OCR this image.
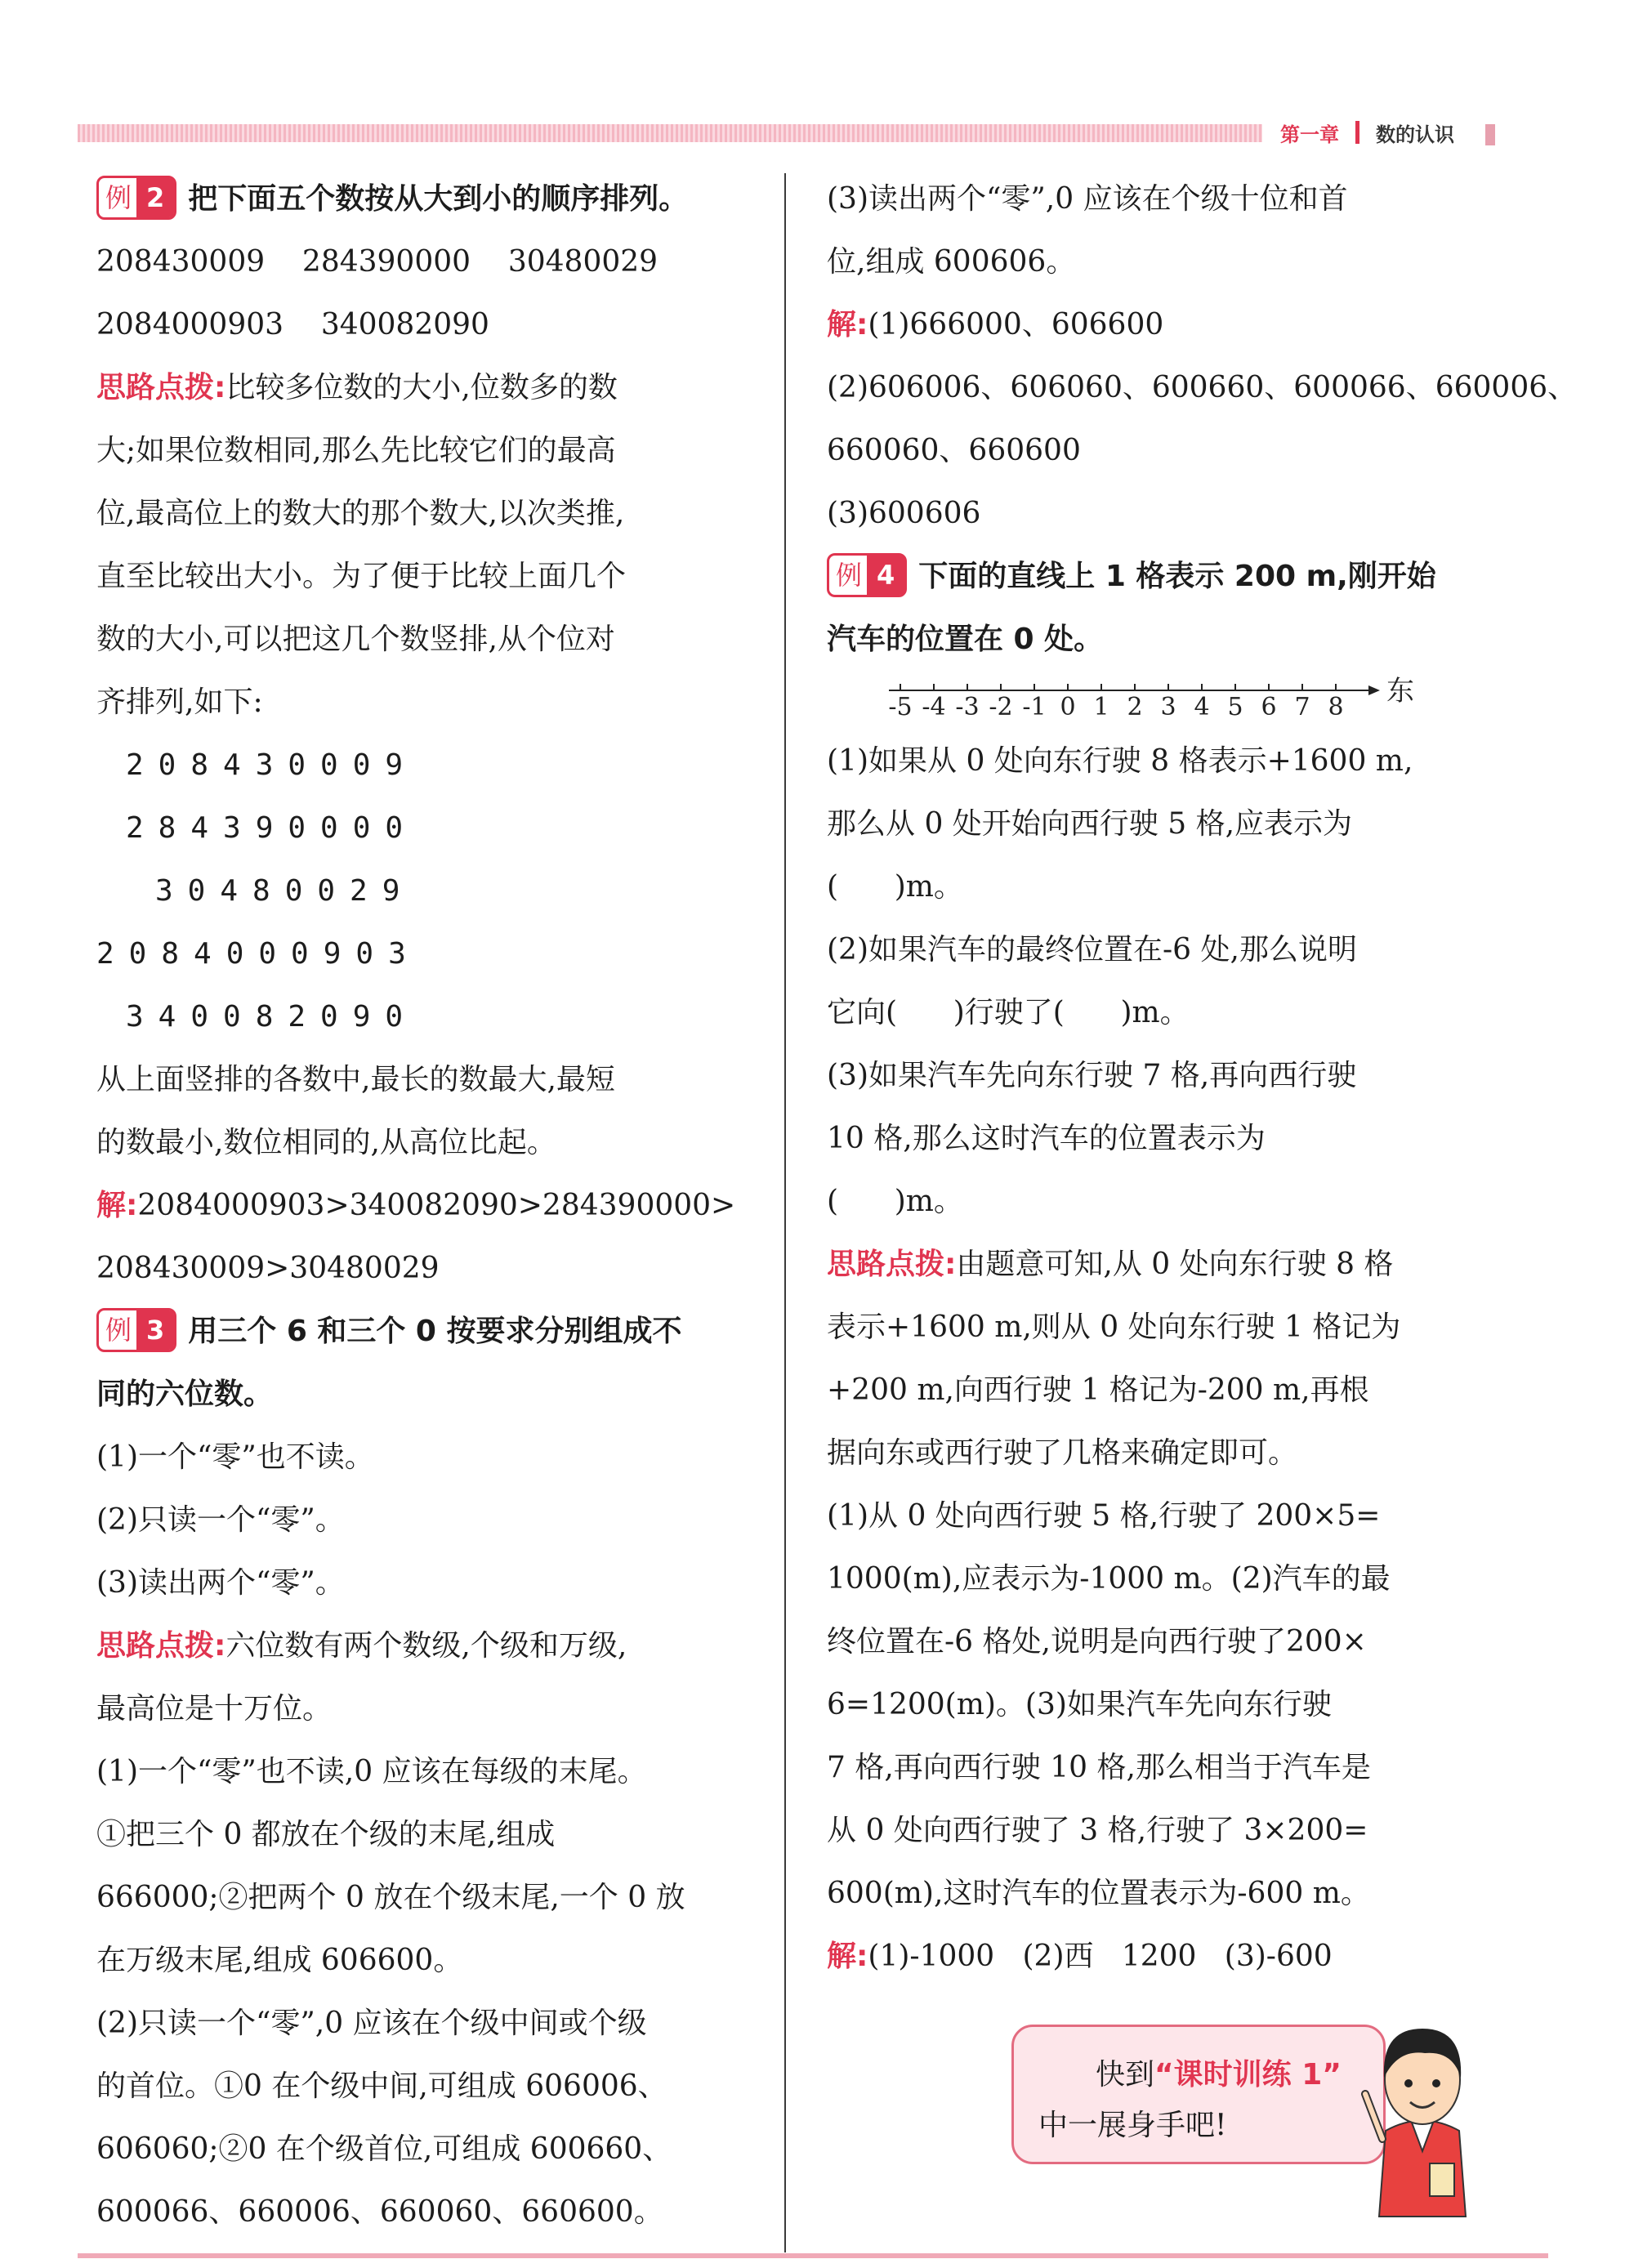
第一章 数的认识
例 2 把下面五个数按从大到小的顺序排列。
208430009    284390000    30480029
2084000903    340082090
思路点拨:比较多位数的大小,位数多的数
大;如果位数相同,那么先比较它们的最高
位,最高位上的数大的那个数大,以次类推,
直至比较出大小。为了便于比较上面几个
数的大小,可以把这几个数竖排,从个位对
齐排列,如下:
208430009
284390000
30480029
2084000903
340082090
从上面竖排的各数中,最长的数最大,最短
的数最小,数位相同的,从高位比起。
解:2084000903>340082090>284390000>
208430009>30480029
例 3 用三个 6 和三个 0 按要求分别组成不
同的六位数。
(1)一个“零”也不读。
(2)只读一个“零”。
(3)读出两个“零”。
思路点拨:六位数有两个数级,个级和万级,
最高位是十万位。
(1)一个“零”也不读,0 应该在每级的末尾。
①把三个 0 都放在个级的末尾,组成
666000;②把两个 0 放在个级末尾,一个 0 放
在万级末尾,组成 606600。
(2)只读一个“零”,0 应该在个级中间或个级
的首位。①0 在个级中间,可组成 606006、
606060;②0 在个级首位,可组成 600660、
600066、660006、660060、660600。
(3)读出两个“零”,0 应该在个级十位和首
位,组成 600606。
解:(1)666000、606600
(2)606006、606060、600660、600066、660006、
660060、660600
(3)600606
例 4 下面的直线上 1 格表示 200 m,刚开始
汽车的位置在 0 处。
-5 -4 -3 -2 -1 0 1 2 3 4 5 6 7 8 东
(1)如果从 0 处向东行驶 8 格表示+1600 m,
那么从 0 处开始向西行驶 5 格,应表示为
(      )m。
(2)如果汽车的最终位置在-6 处,那么说明
它向(      )行驶了(      )m。
(3)如果汽车先向东行驶 7 格,再向西行驶
10 格,那么这时汽车的位置表示为
(      )m。
思路点拨:由题意可知,从 0 处向东行驶 8 格
表示+1600 m,则从 0 处向东行驶 1 格记为
+200 m,向西行驶 1 格记为-200 m,再根
据向东或西行驶了几格来确定即可。
(1)从 0 处向西行驶 5 格,行驶了 200×5=
1000(m),应表示为-1000 m。(2)汽车的最
终位置在-6 格处,说明是向西行驶了200×
6=1200(m)。(3)如果汽车先向东行驶
7 格,再向西行驶 10 格,那么相当于汽车是
从 0 处向西行驶了 3 格,行驶了 3×200=
600(m),这时汽车的位置表示为-600 m。
解:(1)-1000   (2)西   1200   (3)-600
快到“课时训练 1”
中一展身手吧!
